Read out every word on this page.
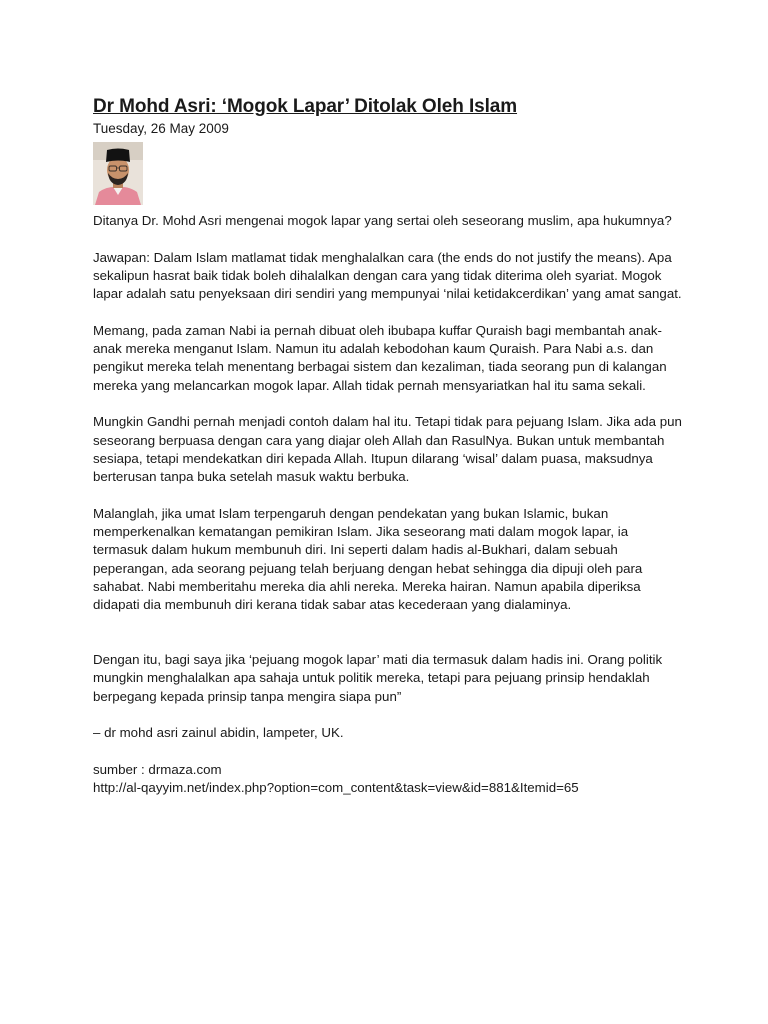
Dr Mohd Asri: ‘Mogok Lapar’ Ditolak Oleh Islam
Tuesday, 26 May 2009

Ditanya Dr. Mohd Asri mengenai mogok lapar yang sertai oleh seseorang muslim, apa hukumnya?

Jawapan: Dalam Islam matlamat tidak menghalalkan cara (the ends do not justify the means). Apa sekalipun hasrat baik tidak boleh dihalalkan dengan cara yang tidak diterima oleh syariat. Mogok lapar adalah satu penyeksaan diri sendiri yang mempunyai ‘nilai ketidakcerdikan’ yang amat sangat.

Memang, pada zaman Nabi ia pernah dibuat oleh ibubapa kuffar Quraish bagi membantah anak-anak mereka menganut Islam. Namun itu adalah kebodohan kaum Quraish. Para Nabi a.s. dan pengikut mereka telah menentang berbagai sistem dan kezaliman, tiada seorang pun di kalangan mereka yang melancarkan mogok lapar. Allah tidak pernah mensyariatkan hal itu sama sekali.

Mungkin Gandhi pernah menjadi contoh dalam hal itu. Tetapi tidak para pejuang Islam. Jika ada pun seseorang berpuasa dengan cara yang diajar oleh Allah dan RasulNya. Bukan untuk membantah sesiapa, tetapi mendekatkan diri kepada Allah. Itupun dilarang ‘wisal’ dalam puasa, maksudnya berterusan tanpa buka setelah masuk waktu berbuka.

Malanglah, jika umat Islam terpengaruh dengan pendekatan yang bukan Islamic, bukan memperkenalkan kematangan pemikiran Islam. Jika seseorang mati dalam mogok lapar, ia termasuk dalam hukum membunuh diri. Ini seperti dalam hadis al-Bukhari, dalam sebuah peperangan, ada seorang pejuang telah berjuang dengan hebat sehingga dia dipuji oleh para sahabat. Nabi memberitahu mereka dia ahli nereka. Mereka hairan. Namun apabila diperiksa didapati dia membunuh diri kerana tidak sabar atas kecederaan yang dialaminya.

Dengan itu, bagi saya jika ‘pejuang mogok lapar’ mati dia termasuk dalam hadis ini. Orang politik mungkin menghalalkan apa sahaja untuk politik mereka, tetapi para pejuang prinsip hendaklah berpegang kepada prinsip tanpa mengira siapa pun”

– dr mohd asri zainul abidin, lampeter, UK.

sumber : drmaza.com

http://al-qayyim.net/index.php?option=com_content&task=view&id=881&Itemid=65
